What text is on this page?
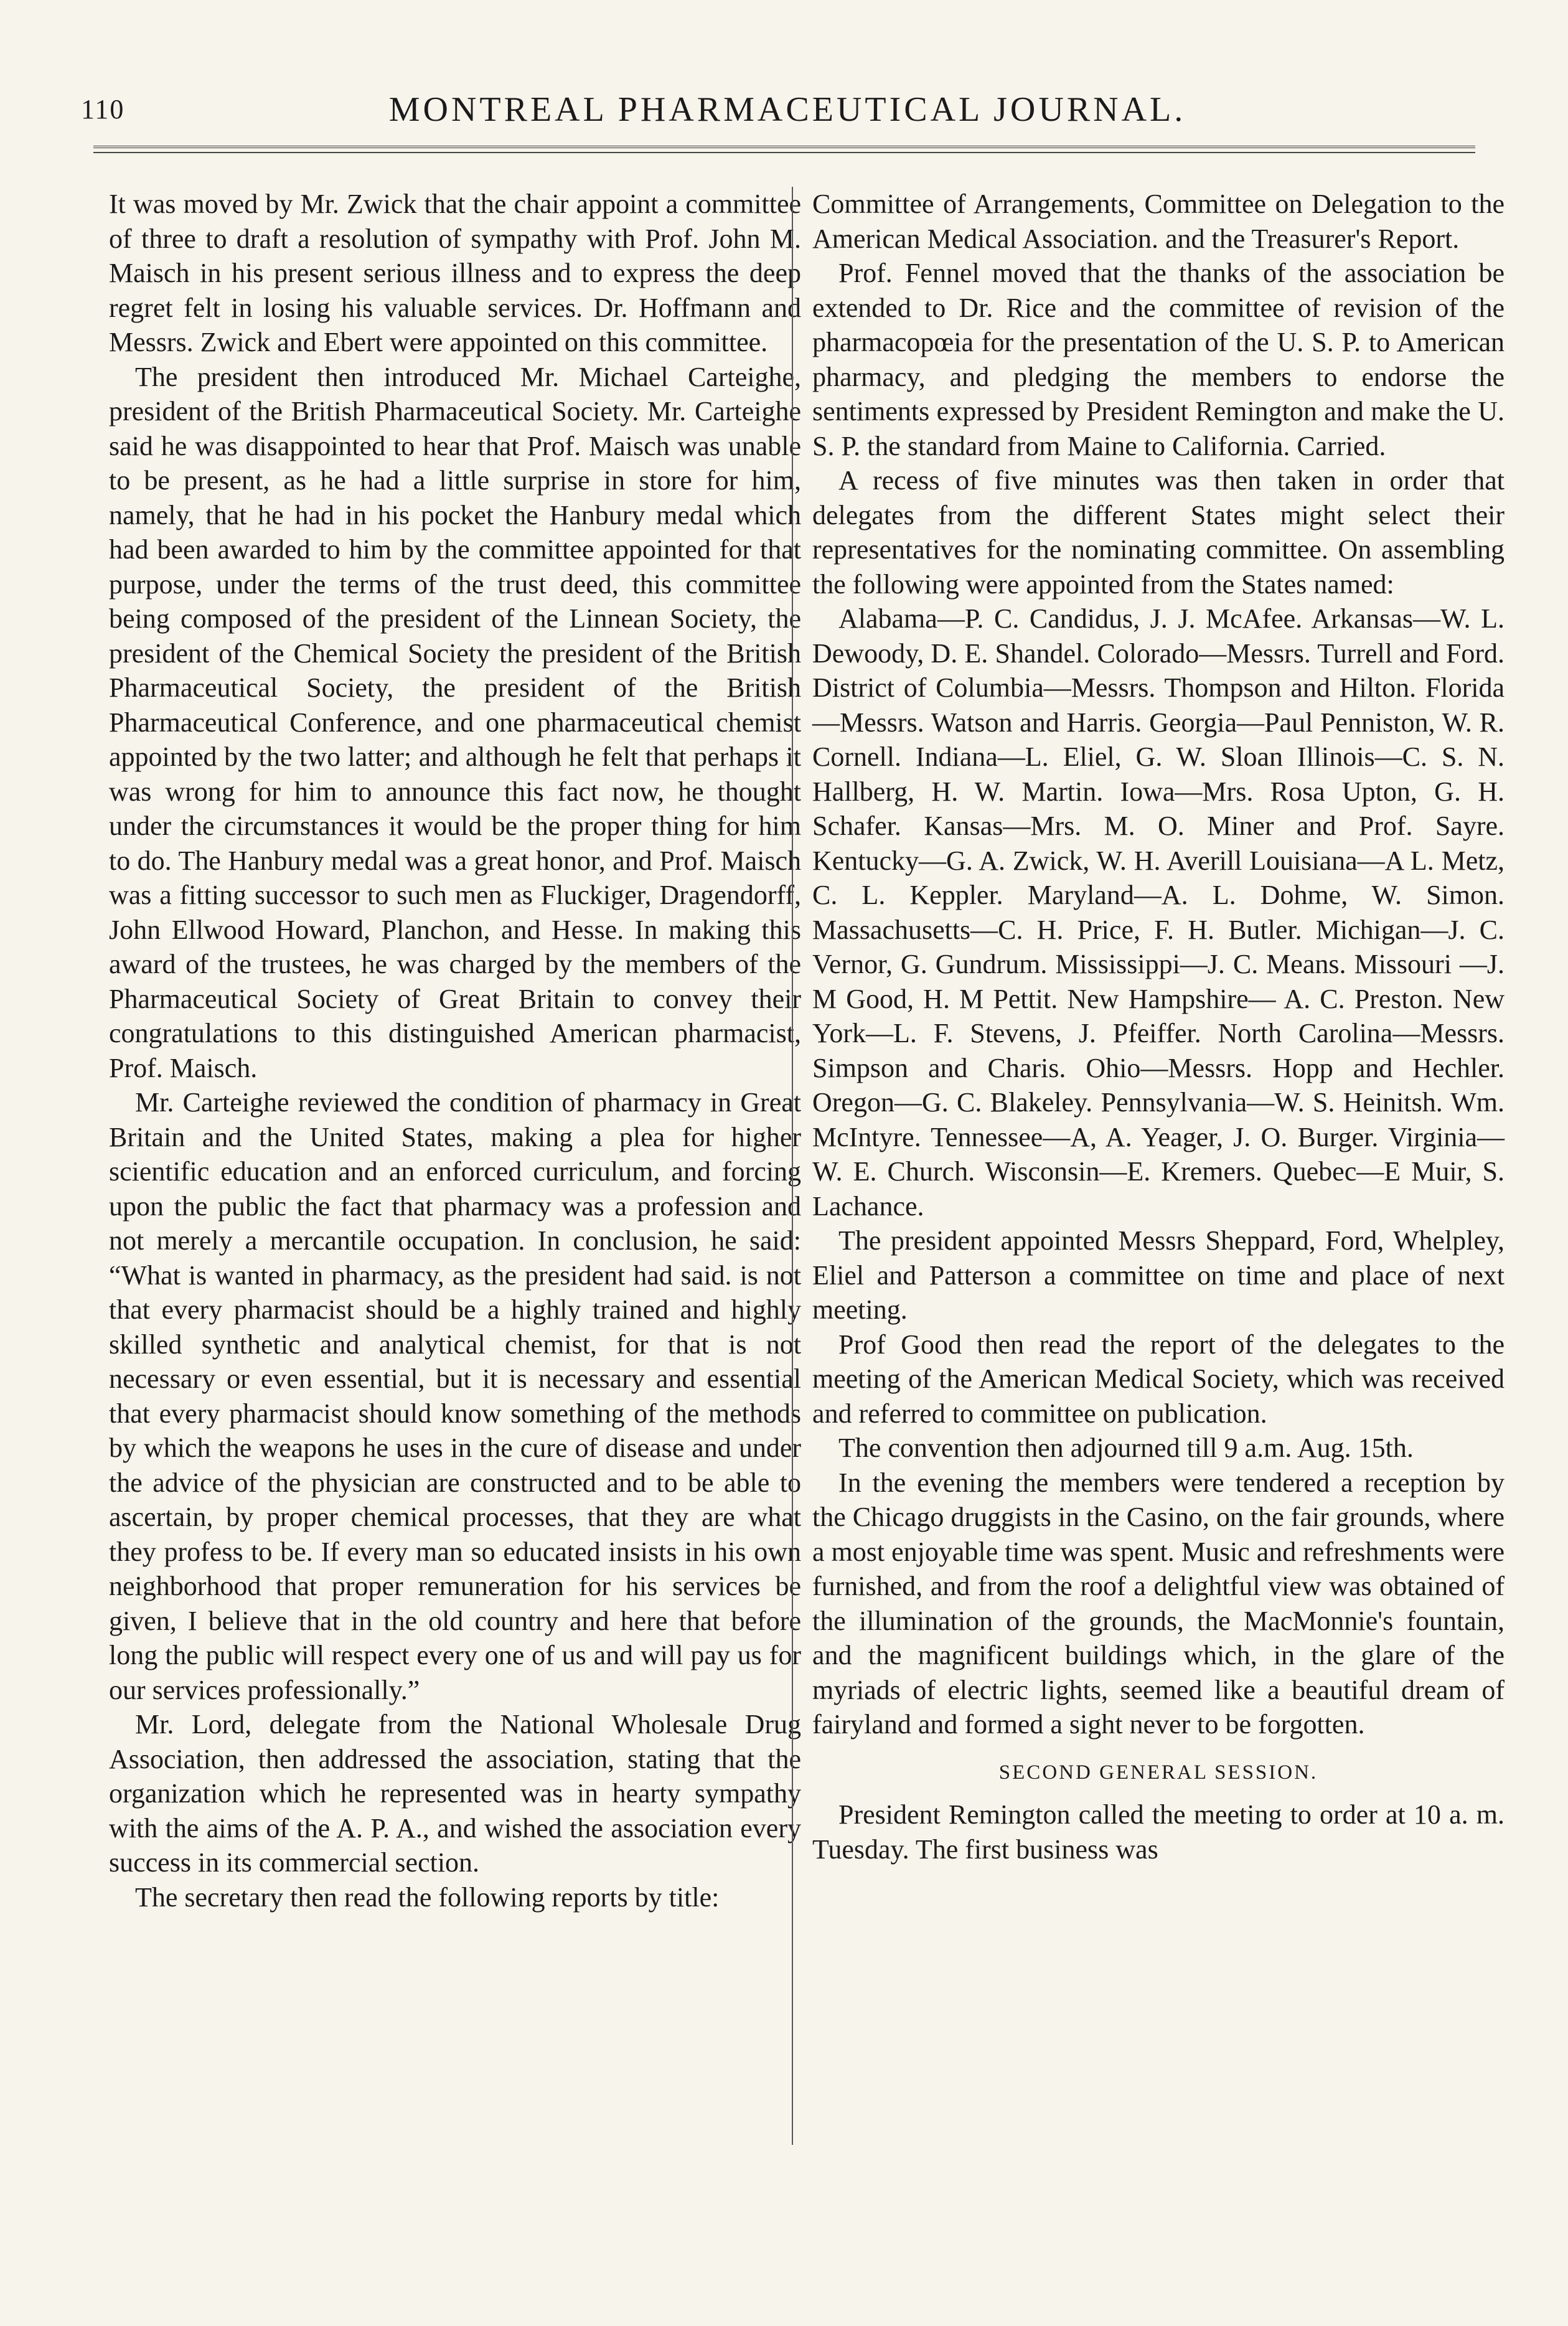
110	MONTREAL PHARMACEUTICAL JOURNAL.

It was moved by Mr. Zwick that the chair appoint a committee of three to draft a resolution of sympathy with Prof. John M. Maisch in his present serious illness and to express the deep regret felt in losing his valuable services. Dr. Hoffmann and Messrs. Zwick and Ebert were appointed on this committee.

The president then introduced Mr. Michael Carteighe, president of the British Pharmaceutical Society. Mr. Carteighe said he was disappointed to hear that Prof. Maisch was unable to be present, as he had a little surprise in store for him, namely, that he had in his pocket the Hanbury medal which had been awarded to him by the committee appointed for that purpose, under the terms of the trust deed, this committee being composed of the president of the Linnean Society, the president of the Chemical Society the president of the British Pharmaceutical Society, the president of the British Pharmaceutical Conference, and one pharmaceutical chemist appointed by the two latter; and although he felt that perhaps it was wrong for him to announce this fact now, he thought under the circumstances it would be the proper thing for him to do. The Hanbury medal was a great honor, and Prof. Maisch was a fitting successor to such men as Fluckiger, Dragendorff, John Ellwood Howard, Planchon, and Hesse. In making this award of the trustees, he was charged by the members of the Pharmaceutical Society of Great Britain to convey their congratulations to this distinguished American pharmacist, Prof. Maisch.

Mr. Carteighe reviewed the condition of pharmacy in Great Britain and the United States, making a plea for higher scientific education and an enforced curriculum, and forcing upon the public the fact that pharmacy was a profession and not merely a mercantile occupation. In conclusion, he said: “What is wanted in pharmacy, as the president had said. is not that every pharmacist should be a highly trained and highly skilled synthetic and analytical chemist, for that is not necessary or even essential, but it is necessary and essential that every pharmacist should know something of the methods by which the weapons he uses in the cure of disease and under the advice of the physician are constructed and to be able to ascertain, by proper chemical processes, that they are what they profess to be. If every man so educated insists in his own neighborhood that proper remuneration for his services be given, I believe that in the old country and here that before long the public will respect every one of us and will pay us for our services professionally.”

Mr. Lord, delegate from the National Wholesale Drug Association, then addressed the association, stating that the organization which he represented was in hearty sympathy with the aims of the A. P. A., and wished the association every success in its commercial section.

The secretary then read the following reports by title:

Committee of Arrangements, Committee on Delegation to the American Medical Association. and the Treasurer's Report.

Prof. Fennel moved that the thanks of the association be extended to Dr. Rice and the committee of revision of the pharmacopœia for the presentation of the U. S. P. to American pharmacy, and pledging the members to endorse the sentiments expressed by President Remington and make the U. S. P. the standard from Maine to California. Carried.

A recess of five minutes was then taken in order that delegates from the different States might select their representatives for the nominating committee. On assembling the following were appointed from the States named:

Alabama—P. C. Candidus, J. J. McAfee. Arkansas—W. L. Dewoody, D. E. Shandel. Colorado—Messrs. Turrell and Ford. District of Columbia—Messrs. Thompson and Hilton. Florida —Messrs. Watson and Harris. Georgia—Paul Penniston, W. R. Cornell. Indiana—L. Eliel, G. W. Sloan Illinois—C. S. N. Hallberg, H. W. Martin. Iowa—Mrs. Rosa Upton, G. H. Schafer. Kansas—Mrs. M. O. Miner and Prof. Sayre. Kentucky—G. A. Zwick, W. H. Averill Louisiana—A L. Metz, C. L. Keppler. Maryland—A. L. Dohme, W. Simon. Massachusetts—C. H. Price, F. H. Butler. Michigan—J. C. Vernor, G. Gundrum. Mississippi—J. C. Means. Missouri —J. M Good, H. M Pettit. New Hampshire— A. C. Preston. New York—L. F. Stevens, J. Pfeiffer. North Carolina—Messrs. Simpson and Charis. Ohio—Messrs. Hopp and Hechler. Oregon—G. C. Blakeley. Pennsylvania—W. S. Heinitsh. Wm. McIntyre. Tennessee—A, A. Yeager, J. O. Burger. Virginia—W. E. Church. Wisconsin—E. Kremers. Quebec—E Muir, S. Lachance.

The president appointed Messrs Sheppard, Ford, Whelpley, Eliel and Patterson a committee on time and place of next meeting.

Prof Good then read the report of the delegates to the meeting of the American Medical Society, which was received and referred to committee on publication.

The convention then adjourned till 9 a.m. Aug. 15th.

In the evening the members were tendered a reception by the Chicago druggists in the Casino, on the fair grounds, where a most enjoyable time was spent. Music and refreshments were furnished, and from the roof a delightful view was obtained of the illumination of the grounds, the MacMonnie's fountain, and the magnificent buildings which, in the glare of the myriads of electric lights, seemed like a beautiful dream of fairyland and formed a sight never to be forgotten.

SECOND GENERAL SESSION.

President Remington called the meeting to order at 10 a. m. Tuesday. The first business was
